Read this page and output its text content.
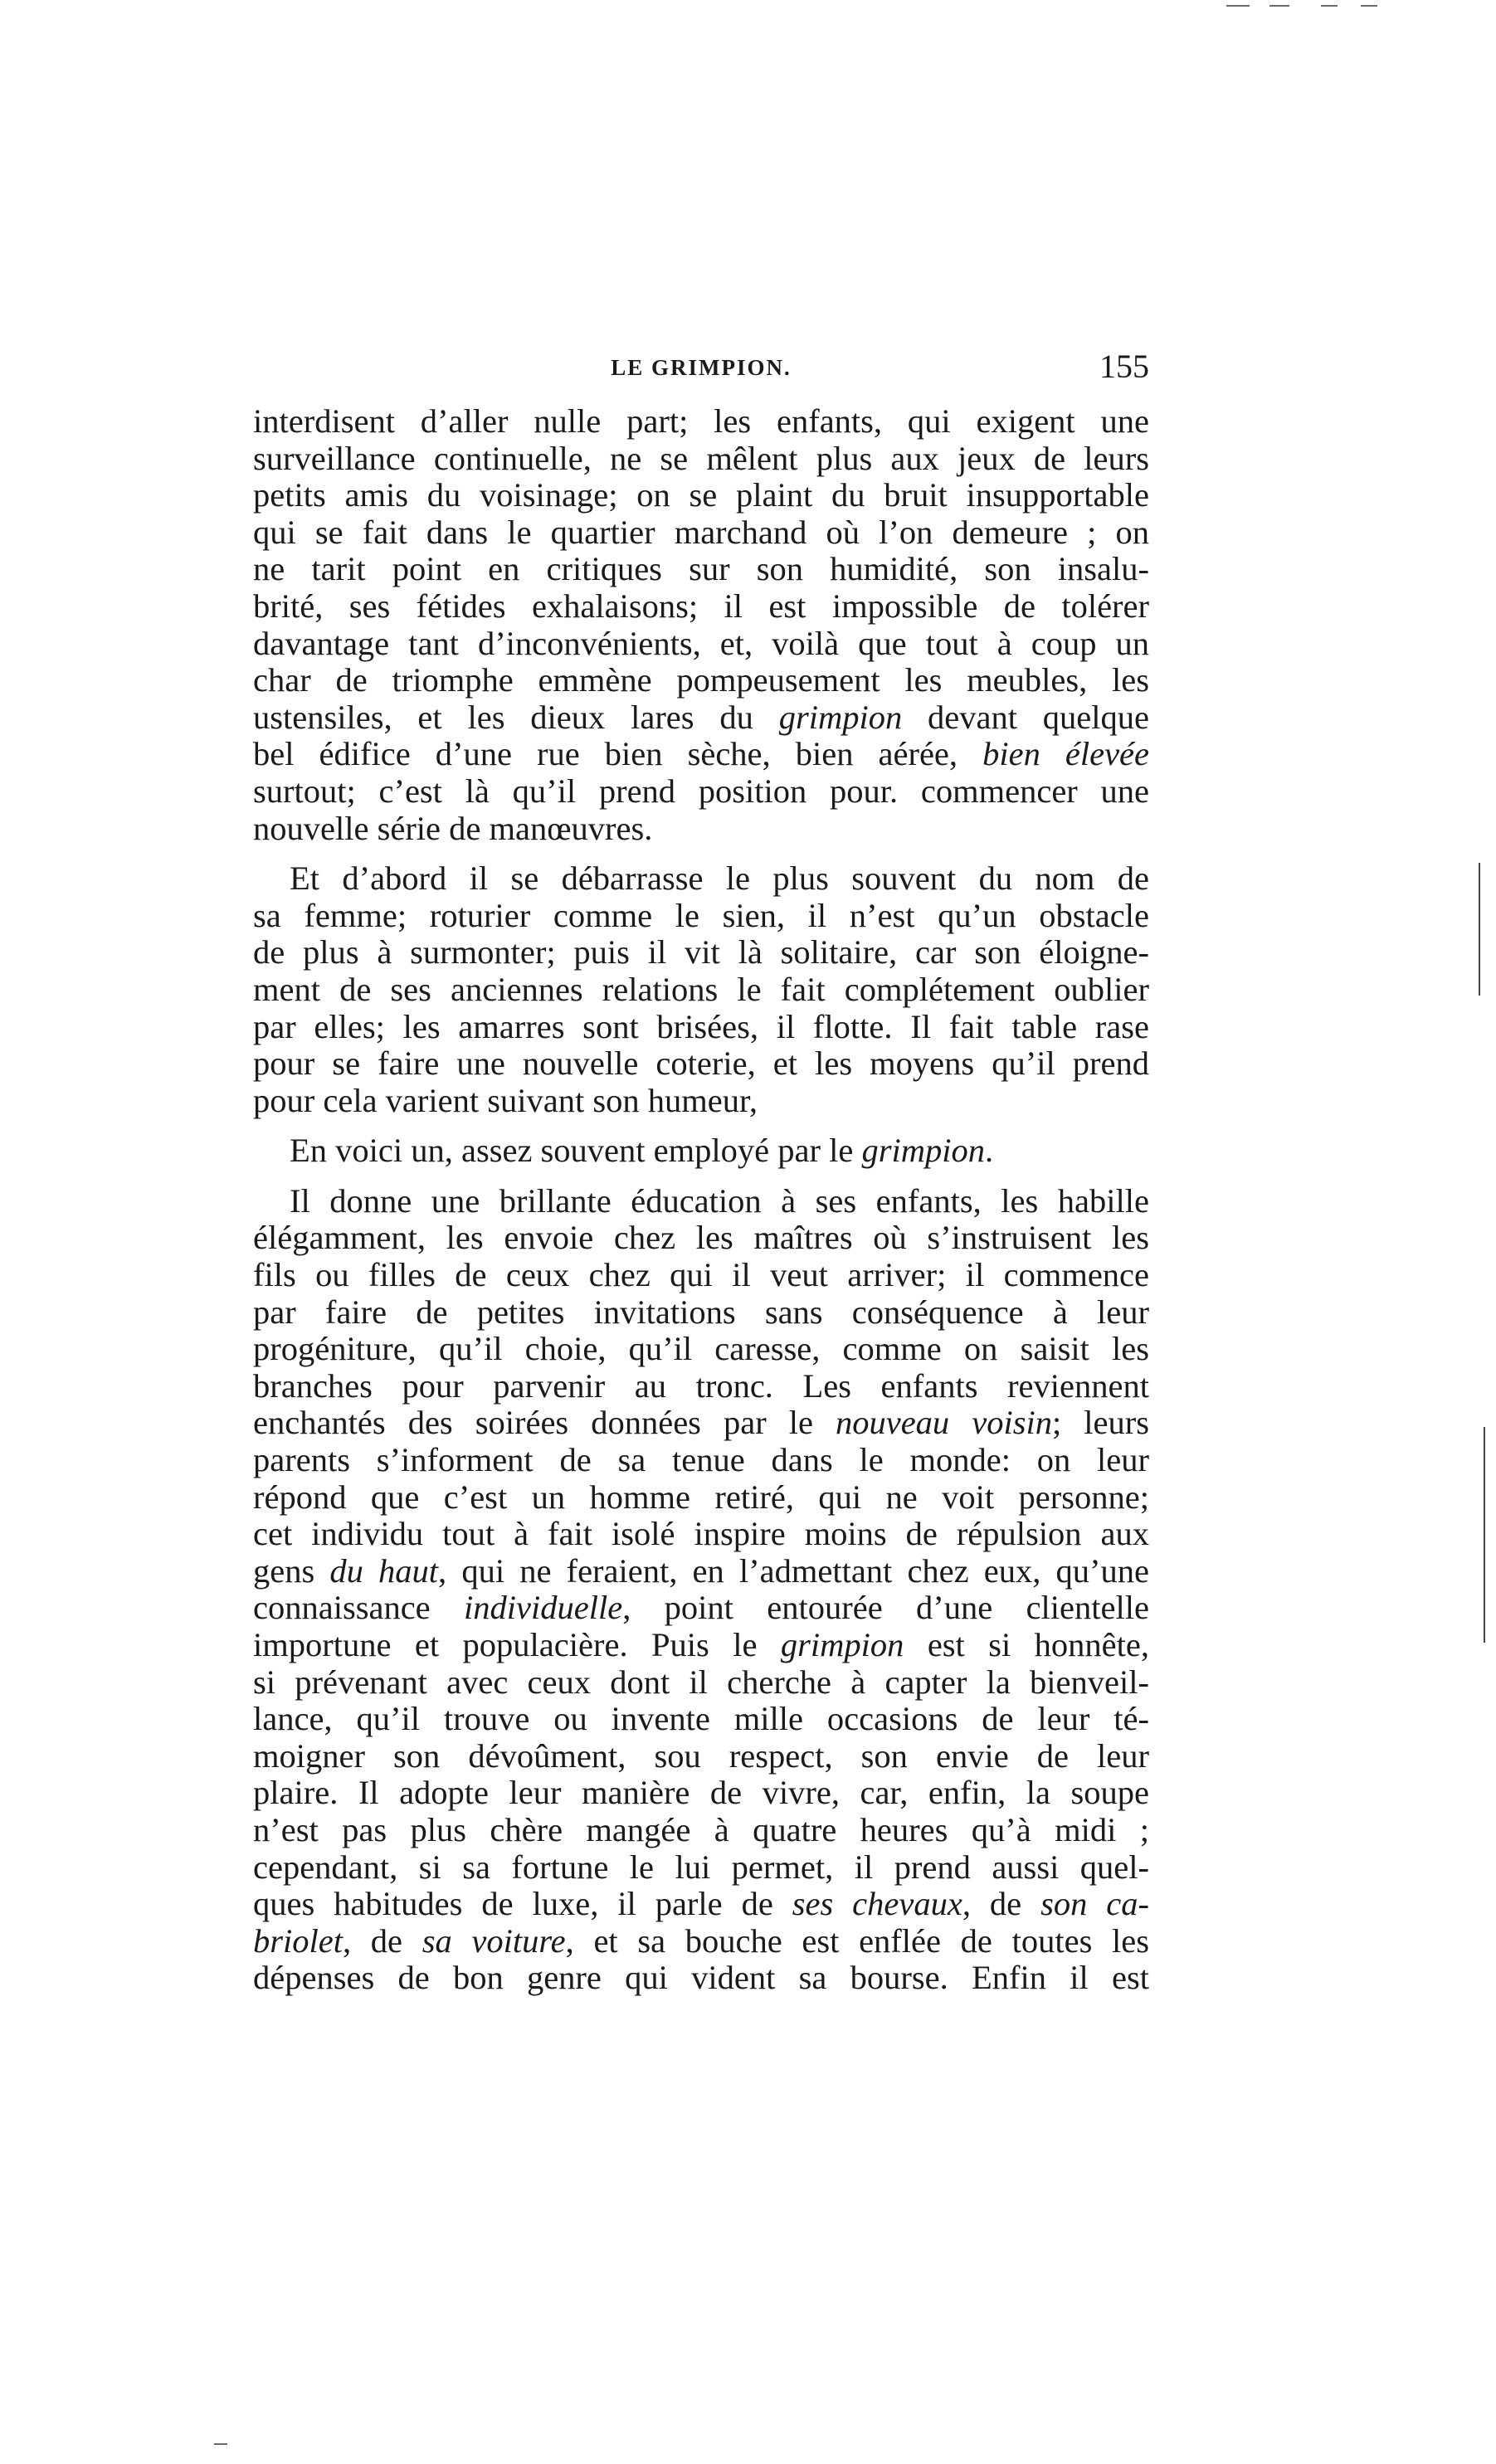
LE GRIMPION.	155

interdisent d’aller nulle part; les enfants, qui exigent une
surveillance continuelle, ne se mêlent plus aux jeux de leurs
petits amis du voisinage; on se plaint du bruit insupportable
qui se fait dans le quartier marchand où l’on demeure ; on
ne tarit point en critiques sur son humidité, son insalu-
brité, ses fétides exhalaisons; il est impossible de tolérer
davantage tant d’inconvénients, et, voilà que tout à coup un
char de triomphe emmène pompeusement les meubles, les
ustensiles, et les dieux lares du grimpion devant quelque
bel édifice d’une rue bien sèche, bien aérée, bien élevée
surtout; c’est là qu’il prend position pour. commencer une
nouvelle série de manœuvres.

Et d’abord il se débarrasse le plus souvent du nom de
sa femme; roturier comme le sien, il n’est qu’un obstacle
de plus à surmonter; puis il vit là solitaire, car son éloigne-
ment de ses anciennes relations le fait complétement oublier
par elles; les amarres sont brisées, il flotte. Il fait table rase
pour se faire une nouvelle coterie, et les moyens qu’il prend
pour cela varient suivant son humeur,

En voici un, assez souvent employé par le grimpion.

Il donne une brillante éducation à ses enfants, les habille
élégamment, les envoie chez les maîtres où s’instruisent les
fils ou filles de ceux chez qui il veut arriver; il commence
par faire de petites invitations sans conséquence à leur
progéniture, qu’il choie, qu’il caresse, comme on saisit les
branches pour parvenir au tronc. Les enfants reviennent
enchantés des soirées données par le nouveau voisin; leurs
parents s’informent de sa tenue dans le monde: on leur
répond que c’est un homme retiré, qui ne voit personne;
cet individu tout à fait isolé inspire moins de répulsion aux
gens du haut, qui ne feraient, en l’admettant chez eux, qu’une
connaissance individuelle, point entourée d’une clientelle
importune et populacière. Puis le grimpion est si honnête,
si prévenant avec ceux dont il cherche à capter la bienveil-
lance, qu’il trouve ou invente mille occasions de leur té-
moigner son dévoûment, sou respect, son envie de leur
plaire. Il adopte leur manière de vivre, car, enfin, la soupe
n’est pas plus chère mangée à quatre heures qu’à midi ;
cependant, si sa fortune le lui permet, il prend aussi quel-
ques habitudes de luxe, il parle de ses chevaux, de son ca-
briolet, de sa voiture, et sa bouche est enflée de toutes les
dépenses de bon genre qui vident sa bourse. Enfin il est
